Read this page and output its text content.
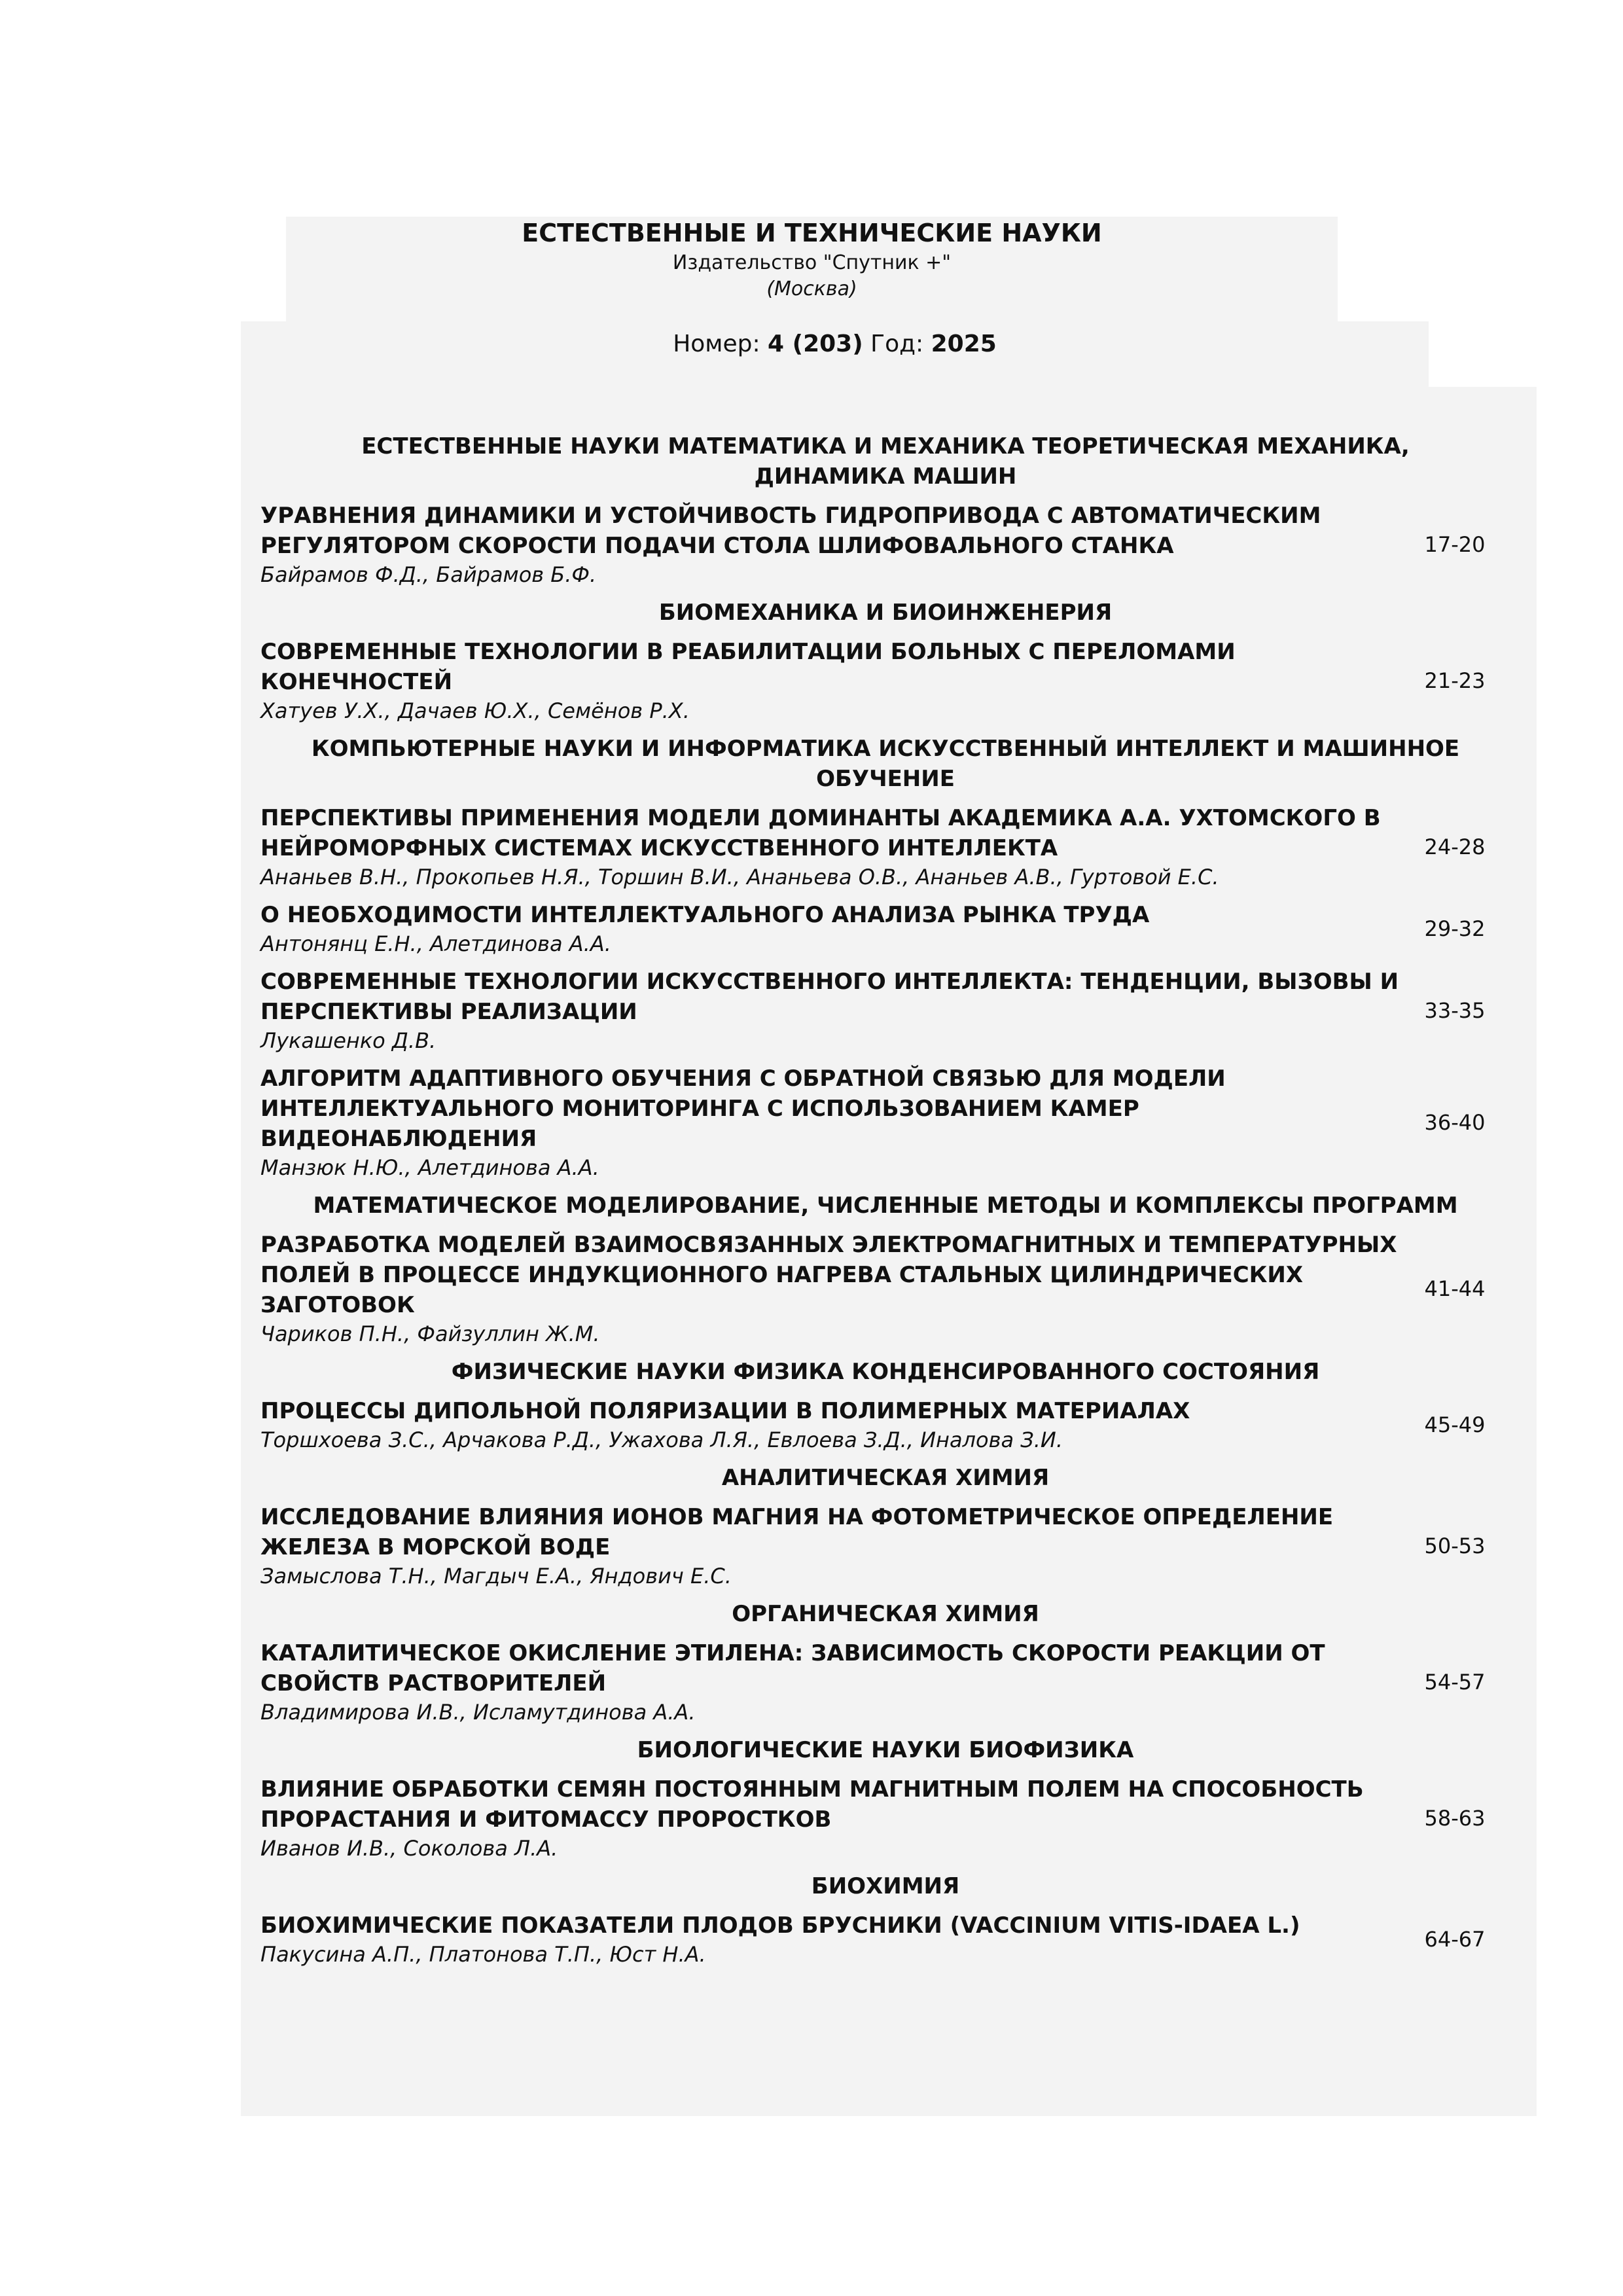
ЕСТЕСТВЕННЫЕ И ТЕХНИЧЕСКИЕ НАУКИ
Издательство "Спутник +"
(Москва)
Номер: 4 (203) Год: 2025
ЕСТЕСТВЕННЫЕ НАУКИ МАТЕМАТИКА И МЕХАНИКА ТЕОРЕТИЧЕСКАЯ МЕХАНИКА, ДИНАМИКА МАШИН
УРАВНЕНИЯ ДИНАМИКИ И УСТОЙЧИВОСТЬ ГИДРОПРИВОДА С АВТОМАТИЧЕСКИМ РЕГУЛЯТОРОМ СКОРОСТИ ПОДАЧИ СТОЛА ШЛИФОВАЛЬНОГО СТАНКА
Байрамов Ф.Д., Байрамов Б.Ф.
17-20
БИОМЕХАНИКА И БИОИНЖЕНЕРИЯ
СОВРЕМЕННЫЕ ТЕХНОЛОГИИ В РЕАБИЛИТАЦИИ БОЛЬНЫХ С ПЕРЕЛОМАМИ КОНЕЧНОСТЕЙ
Хатуев У.Х., Дачаев Ю.Х., Семёнов Р.Х.
21-23
КОМПЬЮТЕРНЫЕ НАУКИ И ИНФОРМАТИКА ИСКУССТВЕННЫЙ ИНТЕЛЛЕКТ И МАШИННОЕ ОБУЧЕНИЕ
ПЕРСПЕКТИВЫ ПРИМЕНЕНИЯ МОДЕЛИ ДОМИНАНТЫ АКАДЕМИКА А.А. УХТОМСКОГО В НЕЙРОМОРФНЫХ СИСТЕМАХ ИСКУССТВЕННОГО ИНТЕЛЛЕКТА
Ананьев В.Н., Прокопьев Н.Я., Торшин В.И., Ананьева О.В., Ананьев А.В., Гуртовой Е.С.
24-28
О НЕОБХОДИМОСТИ ИНТЕЛЛЕКТУАЛЬНОГО АНАЛИЗА РЫНКА ТРУДА
Антонянц Е.Н., Алетдинова А.А.
29-32
СОВРЕМЕННЫЕ ТЕХНОЛОГИИ ИСКУССТВЕННОГО ИНТЕЛЛЕКТА: ТЕНДЕНЦИИ, ВЫЗОВЫ И ПЕРСПЕКТИВЫ РЕАЛИЗАЦИИ
Лукашенко Д.В.
33-35
АЛГОРИТМ АДАПТИВНОГО ОБУЧЕНИЯ С ОБРАТНОЙ СВЯЗЬЮ ДЛЯ МОДЕЛИ ИНТЕЛЛЕКТУАЛЬНОГО МОНИТОРИНГА С ИСПОЛЬЗОВАНИЕМ КАМЕР ВИДЕОНАБЛЮДЕНИЯ
Манзюк Н.Ю., Алетдинова А.А.
36-40
МАТЕМАТИЧЕСКОЕ МОДЕЛИРОВАНИЕ, ЧИСЛЕННЫЕ МЕТОДЫ И КОМПЛЕКСЫ ПРОГРАММ
РАЗРАБОТКА МОДЕЛЕЙ ВЗАИМОСВЯЗАННЫХ ЭЛЕКТРОМАГНИТНЫХ И ТЕМПЕРАТУРНЫХ ПОЛЕЙ В ПРОЦЕССЕ ИНДУКЦИОННОГО НАГРЕВА СТАЛЬНЫХ ЦИЛИНДРИЧЕСКИХ ЗАГОТОВОК
Чариков П.Н., Файзуллин Ж.М.
41-44
ФИЗИЧЕСКИЕ НАУКИ ФИЗИКА КОНДЕНСИРОВАННОГО СОСТОЯНИЯ
ПРОЦЕССЫ ДИПОЛЬНОЙ ПОЛЯРИЗАЦИИ В ПОЛИМЕРНЫХ МАТЕРИАЛАХ
Торшхоева З.С., Арчакова Р.Д., Ужахова Л.Я., Евлоева З.Д., Иналова З.И.
45-49
АНАЛИТИЧЕСКАЯ ХИМИЯ
ИССЛЕДОВАНИЕ ВЛИЯНИЯ ИОНОВ МАГНИЯ НА ФОТОМЕТРИЧЕСКОЕ ОПРЕДЕЛЕНИЕ ЖЕЛЕЗА В МОРСКОЙ ВОДЕ
Замыслова Т.Н., Магдыч Е.А., Яндович Е.С.
50-53
ОРГАНИЧЕСКАЯ ХИМИЯ
КАТАЛИТИЧЕСКОЕ ОКИСЛЕНИЕ ЭТИЛЕНА: ЗАВИСИМОСТЬ СКОРОСТИ РЕАКЦИИ ОТ СВОЙСТВ РАСТВОРИТЕЛЕЙ
Владимирова И.В., Исламутдинова А.А.
54-57
БИОЛОГИЧЕСКИЕ НАУКИ БИОФИЗИКА
ВЛИЯНИЕ ОБРАБОТКИ СЕМЯН ПОСТОЯННЫМ МАГНИТНЫМ ПОЛЕМ НА СПОСОБНОСТЬ ПРОРАСТАНИЯ И ФИТОМАССУ ПРОРОСТКОВ
Иванов И.В., Соколова Л.А.
58-63
БИОХИМИЯ
БИОХИМИЧЕСКИЕ ПОКАЗАТЕЛИ ПЛОДОВ БРУСНИКИ (VACCINIUM VITIS-IDAEA L.)
Пакусина А.П., Платонова Т.П., Юст Н.А.
64-67
